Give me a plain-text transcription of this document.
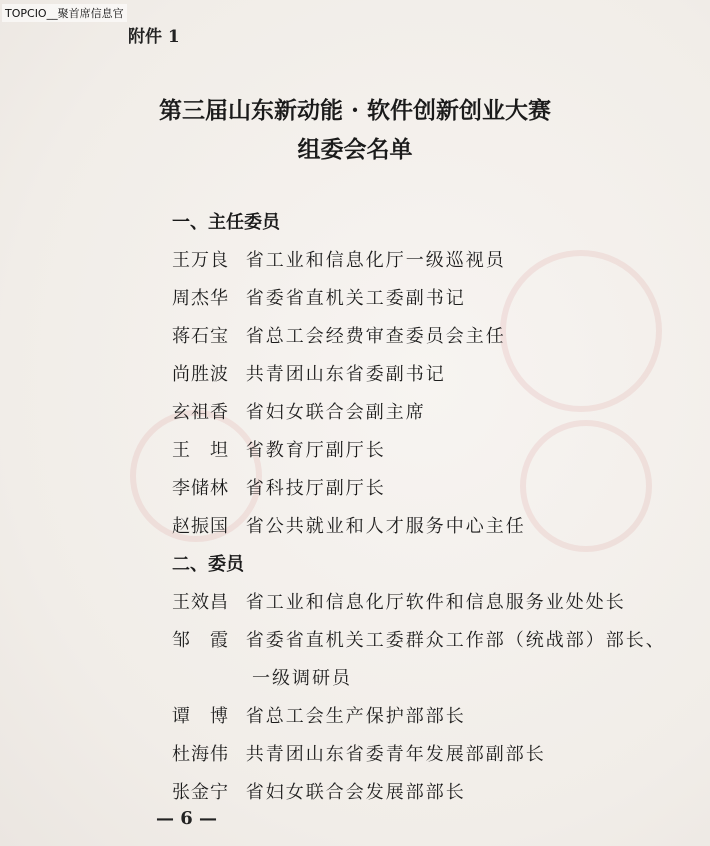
TOPCIO__聚首席信息官
附件 1
第三届山东新动能 · 软件创新创业大赛
组委会名单
一、主任委员
王万良 省工业和信息化厅一级巡视员
周杰华 省委省直机关工委副书记
蒋石宝 省总工会经费审查委员会主任
尚胜波 共青团山东省委副书记
玄祖香 省妇女联合会副主席
王　坦 省教育厅副厅长
李储林 省科技厅副厅长
赵振国 省公共就业和人才服务中心主任
二、委员
王效昌 省工业和信息化厅软件和信息服务业处处长
邹　霞 省委省直机关工委群众工作部（统战部）部长、
一级调研员
谭　博 省总工会生产保护部部长
杜海伟 共青团山东省委青年发展部副部长
张金宁 省妇女联合会发展部部长
— 6 —
